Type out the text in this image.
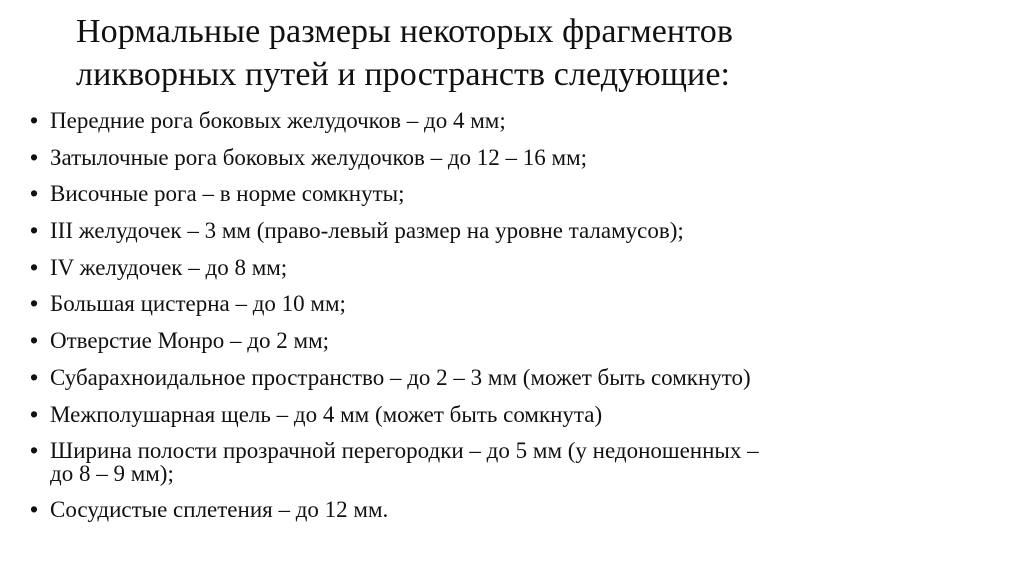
Нормальные размеры некоторых фрагментов
ликворных путей и пространств следующие:
• Передние рога боковых желудочков – до 4 мм;
• Затылочные рога боковых желудочков – до 12 – 16 мм;
• Височные рога – в норме сомкнуты;
• III желудочек – 3 мм (право-левый размер на уровне таламусов);
• IV желудочек – до 8 мм;
• Большая цистерна – до 10 мм;
• Отверстие Монро – до 2 мм;
• Субарахноидальное пространство – до 2 – 3 мм (может быть сомкнуто)
• Межполушарная щель – до 4 мм (может быть сомкнута)
• Ширина полости прозрачной перегородки – до 5 мм (у недоношенных –
до 8 – 9 мм);
• Сосудистые сплетения – до 12 мм.
